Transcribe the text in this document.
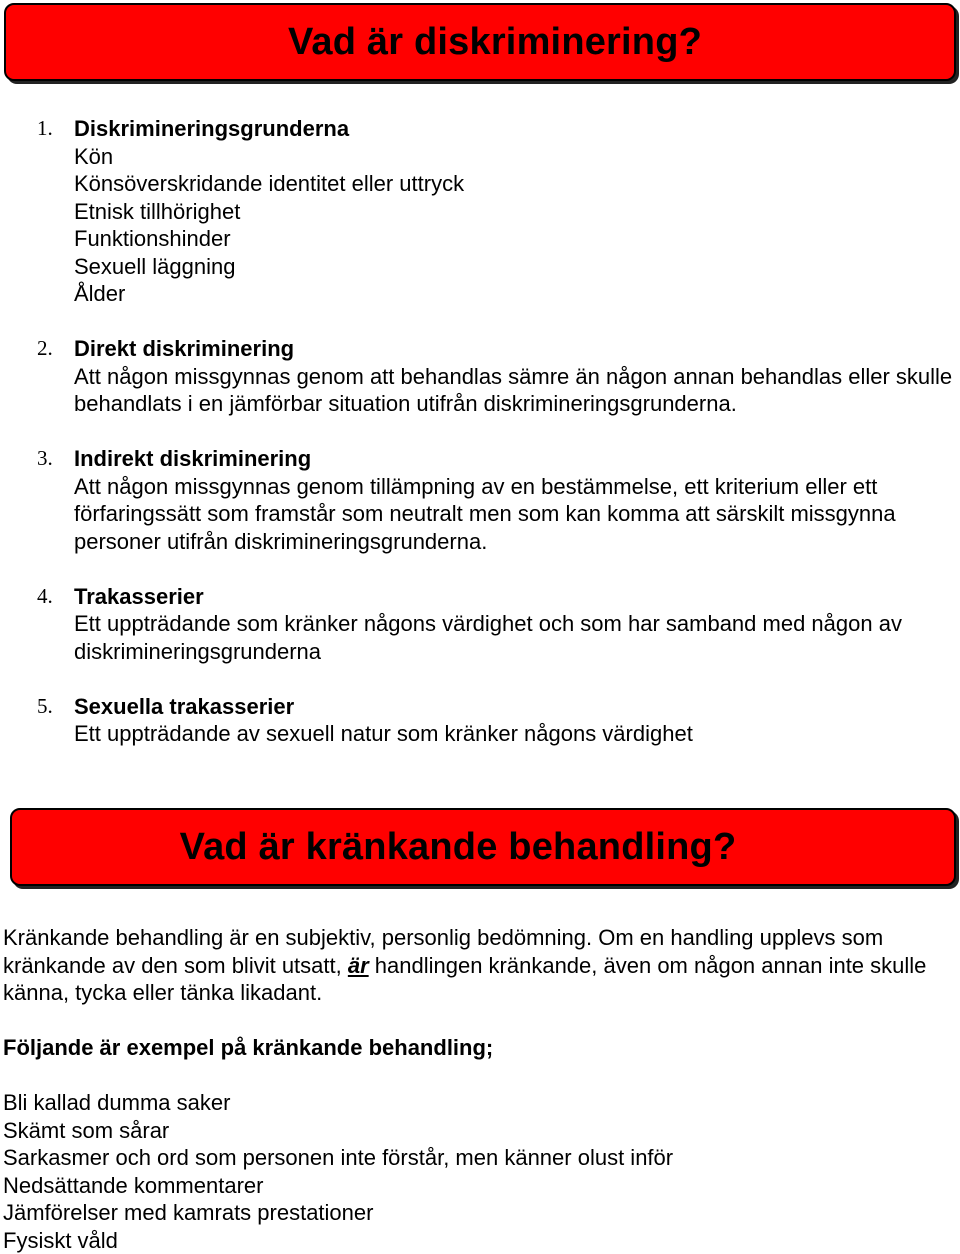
Vad är diskriminering?
1. Diskrimineringsgrunderna
Kön
Könsöverskridande identitet eller uttryck
Etnisk tillhörighet
Funktionshinder
Sexuell läggning
Ålder
2. Direkt diskriminering
Att någon missgynnas genom att behandlas sämre än någon annan behandlas eller skulle behandlats i en jämförbar situation utifrån diskrimineringsgrunderna.
3. Indirekt diskriminering
Att någon missgynnas genom tillämpning av en bestämmelse, ett kriterium eller ett förfaringssätt som framstår som neutralt men som kan komma att särskilt missgynna personer utifrån diskrimineringsgrunderna.
4. Trakasserier
Ett uppträdande som kränker någons värdighet och som har samband med någon av diskrimineringsgrunderna
5. Sexuella trakasserier
Ett uppträdande av sexuell natur som kränker någons värdighet
Vad är kränkande behandling?

Kränkande behandling är en subjektiv, personlig bedömning. Om en handling upplevs som kränkande av den som blivit utsatt, är handlingen kränkande, även om någon annan inte skulle känna, tycka eller tänka likadant.

Följande är exempel på kränkande behandling;

Bli kallad dumma saker
Skämt som sårar
Sarkasmer och ord som personen inte förstår, men känner olust inför
Nedsättande kommentarer
Jämförelser med kamrats prestationer
Fysiskt våld
